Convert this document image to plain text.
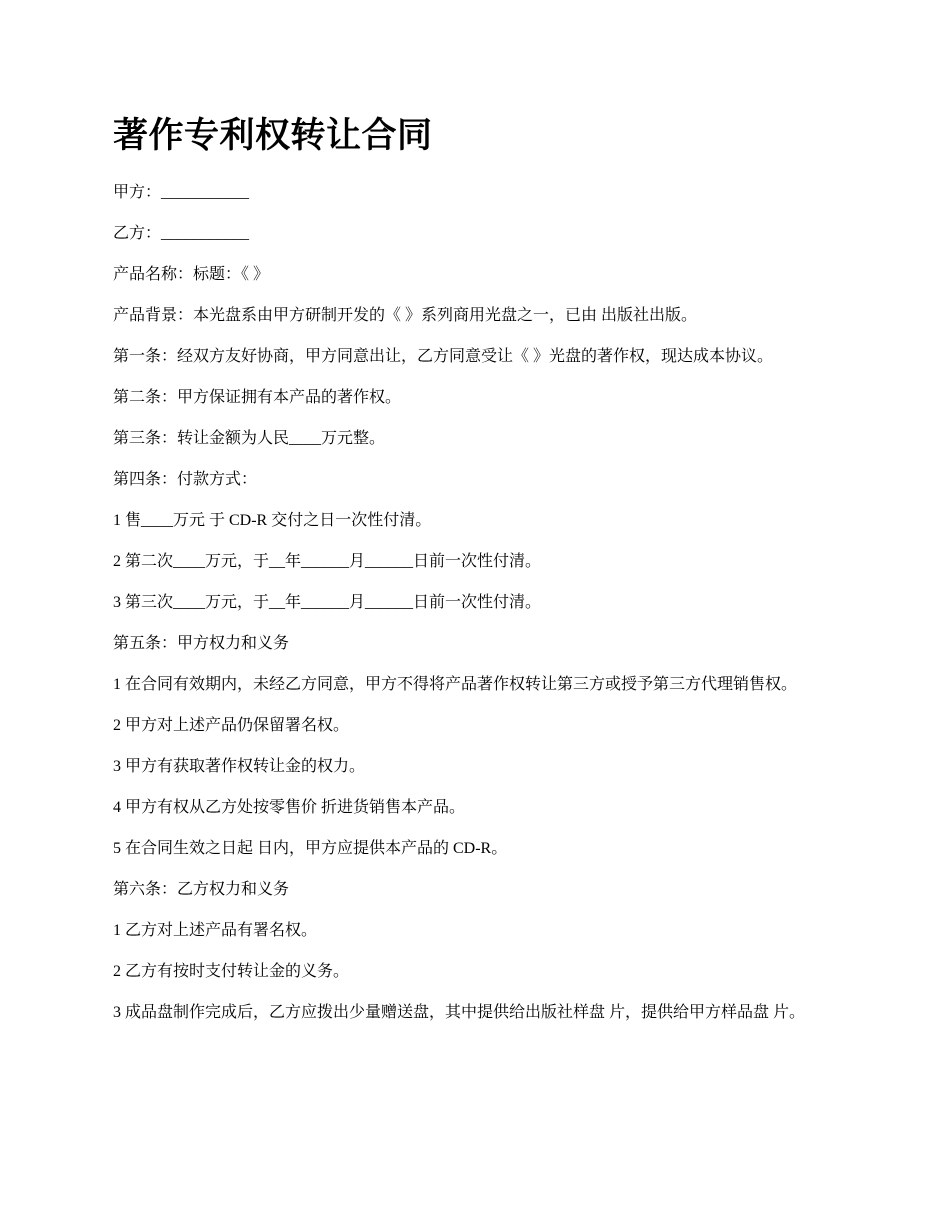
著作专利权转让合同

甲方：___________

乙方：___________

产品名称：标题：《 》

产品背景：本光盘系由甲方研制开发的《 》系列商用光盘之一，已由 出版社出版。

第一条：经双方友好协商，甲方同意出让，乙方同意受让《 》光盘的著作权，现达成本协议。

第二条：甲方保证拥有本产品的著作权。

第三条：转让金额为人民____万元整。

第四条：付款方式：

1 售____万元 于 CD-R 交付之日一次性付清。

2 第二次____万元，于__年______月______日前一次性付清。

3 第三次____万元，于__年______月______日前一次性付清。

第五条：甲方权力和义务

1 在合同有效期内，未经乙方同意，甲方不得将产品著作权转让第三方或授予第三方代理销售权。

2 甲方对上述产品仍保留署名权。

3 甲方有获取著作权转让金的权力。

4 甲方有权从乙方处按零售价 折进货销售本产品。

5 在合同生效之日起 日内，甲方应提供本产品的 CD-R。

第六条：乙方权力和义务

1 乙方对上述产品有署名权。

2 乙方有按时支付转让金的义务。

3 成品盘制作完成后，乙方应拨出少量赠送盘，其中提供给出版社样盘 片，提供给甲方样品盘 片。
